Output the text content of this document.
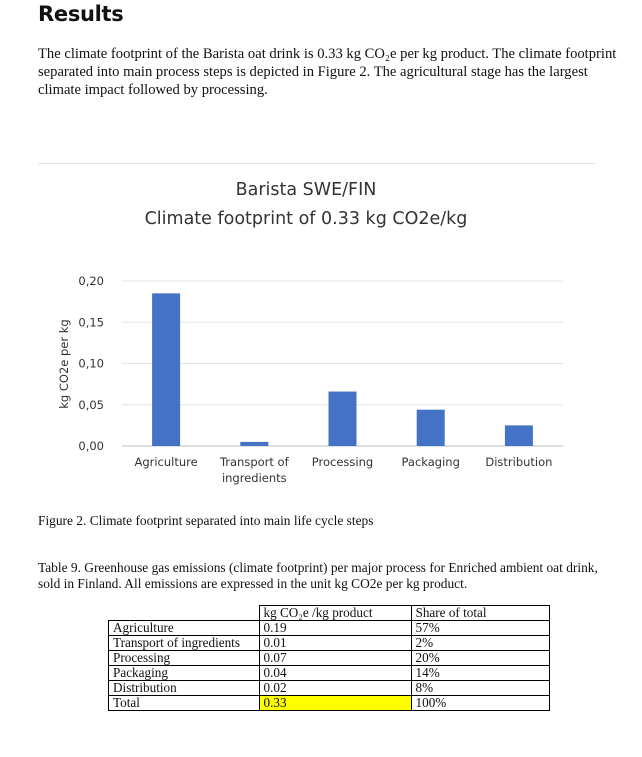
Results

The climate footprint of the Barista oat drink is 0.33 kg CO₂e per kg product. The climate footprint separated into main process steps is depicted in Figure 2. The agricultural stage has the largest climate impact followed by processing.

Barista SWE/FIN
Climate footprint of 0.33 kg CO2e/kg
kg CO2e per kg
0,00
0,05
0,10
0,15
0,20
Agriculture Transport of
ingredients
Processing Packaging Distribution
Figure 2. Climate footprint separated into main life cycle steps

Table 9. Greenhouse gas emissions (climate footprint) per major process for Enriched ambient oat drink, sold in Finland. All emissions are expressed in the unit kg CO2e per kg product.

	kg CO₂e /kg product	Share of total
Agriculture	0.19	57%
Transport of ingredients	0.01	2%
Processing	0.07	20%
Packaging	0.04	14%
Distribution	0.02	8%
Total	0.33	100%
